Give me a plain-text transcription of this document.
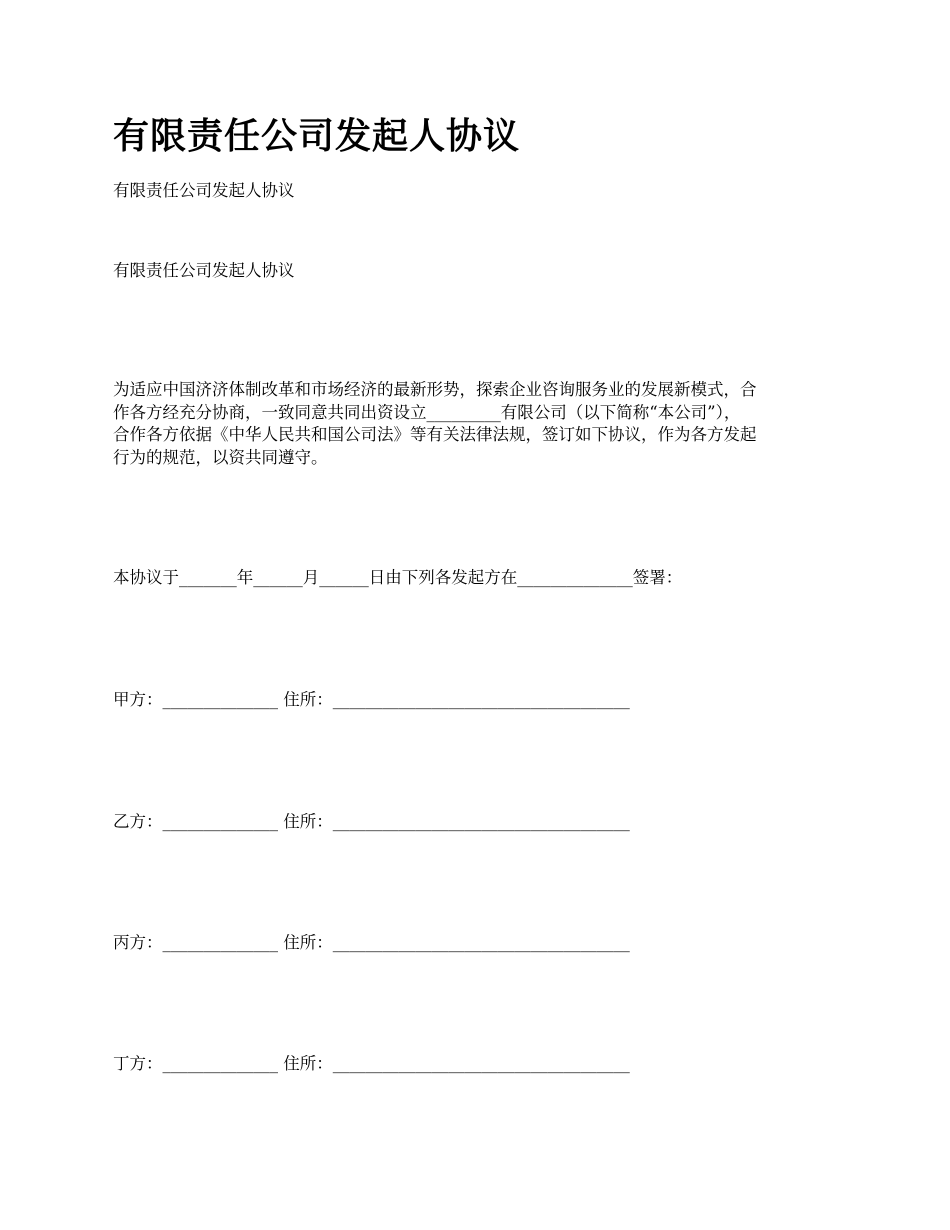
有限责任公司发起人协议

有限责任公司发起人协议

有限责任公司发起人协议

为适应中国济济体制改革和市场经济的最新形势，探索企业咨询服务业的发展新模式，合
作各方经充分协商，一致同意共同出资设立_________有限公司（以下简称“本公司”），
合作各方依据《中华人民共和国公司法》等有关法律法规，签订如下协议，作为各方发起
行为的规范，以资共同遵守。

本协议于_______年______月______日由下列各发起方在______________签署：

甲方：______________ 住所：____________________________________

乙方：______________ 住所：____________________________________

丙方：______________ 住所：____________________________________

丁方：______________ 住所：____________________________________
